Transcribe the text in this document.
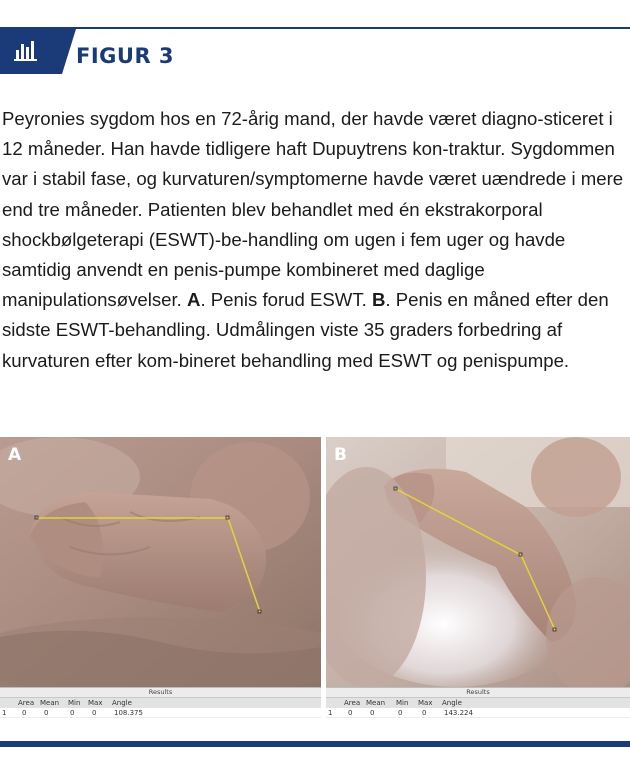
FIGUR 3
Peyronies sygdom hos en 72-årig mand, der havde været diagno-sticeret i 12 måneder. Han havde tidligere haft Dupuytrens kon-traktur. Sygdommen var i stabil fase, og kurvaturen/symptomerne havde været uændrede i mere end tre måneder. Patienten blev behandlet med én ekstrakorporal shockbølgeterapi (ESWT)-be-handling om ugen i fem uger og havde samtidig anvendt en penis-pumpe kombineret med daglige manipulationsøvelser. A. Penis forud ESWT. B. Penis en måned efter den sidste ESWT-behandling. Udmålingen viste 35 graders forbedring af kurvaturen efter kom-bineret behandling med ESWT og penispumpe.
A
Results
Area Mean Min Max Angle
1 0	0	0	0	108.375
B
Results
Area Mean Min Max Angle
1 0	0	0	0	143.224
